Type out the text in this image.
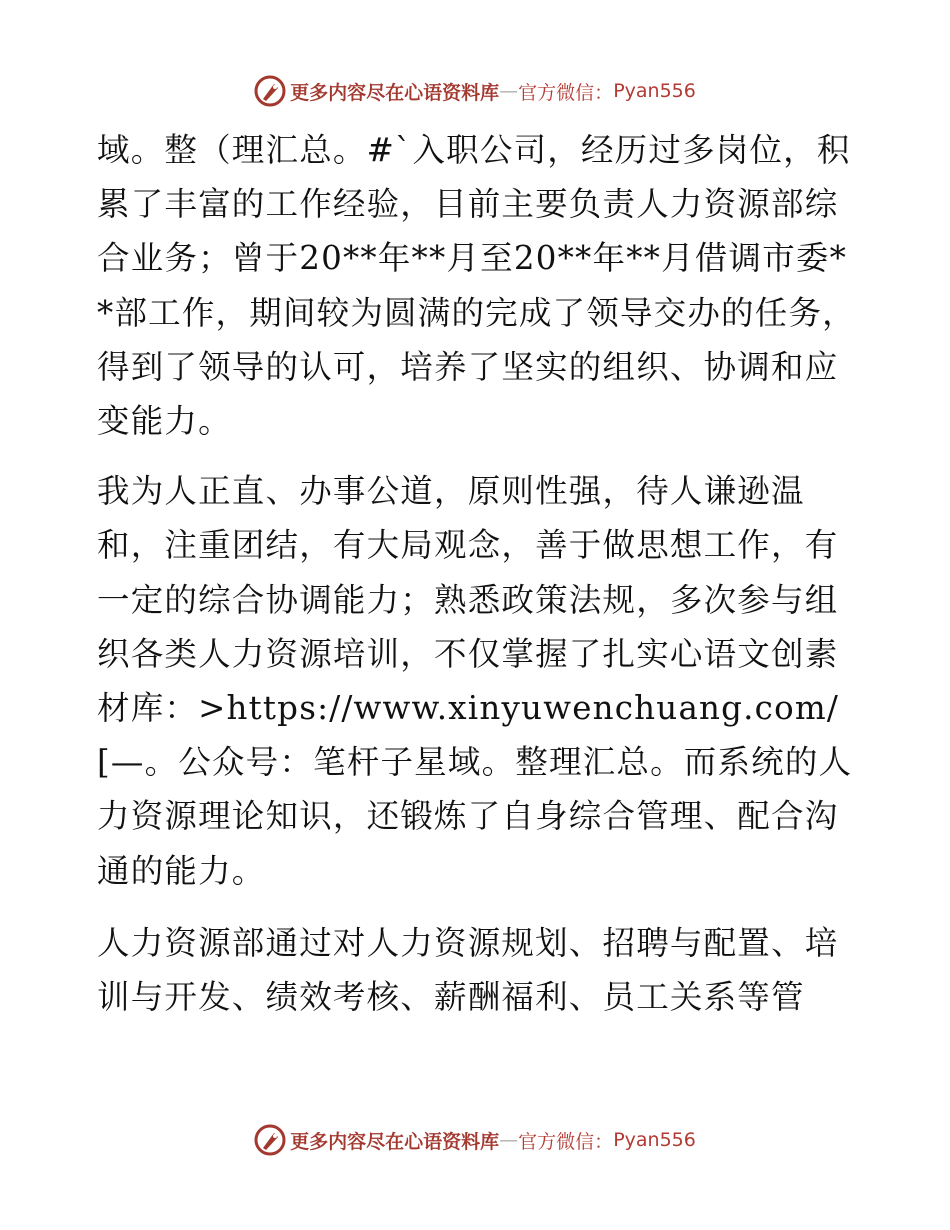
更多内容尽在心语资料库 — 官方微信： Pyan556

域。整（理汇总。#`入职公司，经历过多岗位，积累了丰富的工作经验，目前主要负责人力资源部综合业务；曾于20**年**月至20**年**月借调市委**部工作，期间较为圆满的完成了领导交办的任务，得到了领导的认可，培养了坚实的组织、协调和应变能力。

我为人正直、办事公道，原则性强，待人谦逊温和，注重团结，有大局观念，善于做思想工作，有一定的综合协调能力；熟悉政策法规，多次参与组织各类人力资源培训，不仅掌握了扎实心语文创素材库：>https://www.xinyuwenchuang.com/[—。公众号：笔杆子星域。整理汇总。而系统的人力资源理论知识，还锻炼了自身综合管理、配合沟通的能力。

人力资源部通过对人力资源规划、招聘与配置、培训与开发、绩效考核、薪酬福利、员工关系等管

更多内容尽在心语资料库 — 官方微信： Pyan556
